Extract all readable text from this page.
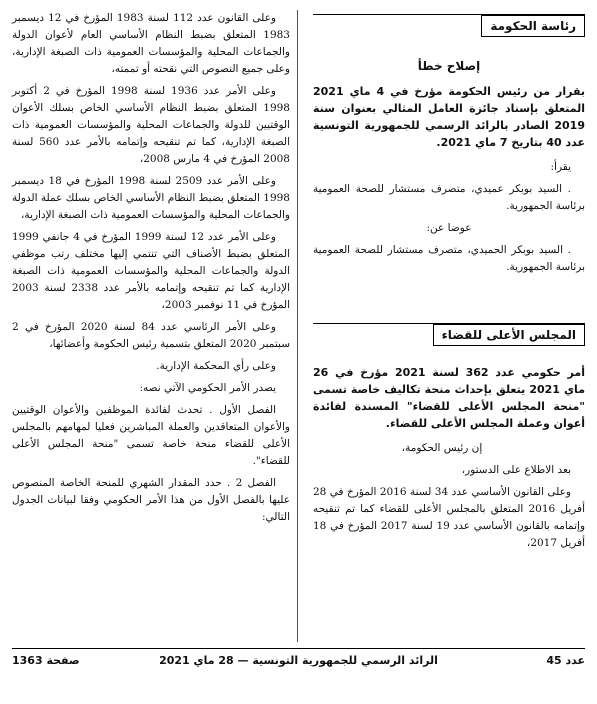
رئاسة الحكومة
إصلاح خطأ

بقرار من رئيس الحكومة مؤرخ في 4 ماي 2021 المتعلق بإسناد جائزة العامل المثالي بعنوان سنة 2019 الصادر بالرائد الرسمي للجمهورية التونسية عدد 40 بتاريخ 7 ماي 2021.

يقرأ:

. السيد بوبكر عميدي، متصرف مستشار للصحة العمومية برئاسة الجمهورية.

عوضا عن:

. السيد بوبكر الحميدي، متصرف مستشار للصحة العمومية برئاسة الجمهورية.

المجلس الأعلى للقضاء

أمر حكومي عدد 362 لسنة 2021 مؤرخ في 26 ماي 2021 يتعلق بإحداث منحة تكاليف خاصة تسمى "منحة المجلس الأعلى للقضاء" المسندة لفائدة أعوان وعملة المجلس الأعلى للقضاء.

إن رئيس الحكومة،

بعد الاطلاع على الدستور،

وعلى القانون الأساسي عدد 34 لسنة 2016 المؤرخ في 28 أفريل 2016 المتعلق بالمجلس الأعلى للقضاء كما تم تنقيحه وإتمامه بالقانون الأساسي عدد 19 لسنة 2017 المؤرخ في 18 أفريل 2017،

وعلى القانون عدد 112 لسنة 1983 المؤرخ في 12 ديسمبر 1983 المتعلق بضبط النظام الأساسي العام لأعوان الدولة والجماعات المحلية والمؤسسات العمومية ذات الصبغة الإدارية، وعلى جميع النصوص التي نقحته أو تممته،

وعلى الأمر عدد 1936 لسنة 1998 المؤرخ في 2 أكتوبر 1998 المتعلق بضبط النظام الأساسي الخاص بسلك الأعوان الوقتيين للدولة والجماعات المحلية والمؤسسات العمومية ذات الصبغة الإدارية، كما تم تنقيحه وإتمامه بالأمر عدد 560 لسنة 2008 المؤرخ في 4 مارس 2008،

وعلى الأمر عدد 2509 لسنة 1998 المؤرخ في 18 ديسمبر 1998 المتعلق بضبط النظام الأساسي الخاص بسلك عملة الدولة والجماعات المحلية والمؤسسات العمومية ذات الصبغة الإدارية،

وعلى الأمر عدد 12 لسنة 1999 المؤرخ في 4 جانفي 1999 المتعلق بضبط الأصناف التي تنتمي إليها مختلف رتب موظفي الدولة والجماعات المحلية والمؤسسات العمومية ذات الصبغة الإدارية كما تم تنقيحه وإتمامه بالأمر عدد 2338 لسنة 2003 المؤرخ في 11 نوفمبر 2003،

وعلى الأمر الرئاسي عدد 84 لسنة 2020 المؤرخ في 2 سبتمبر 2020 المتعلق بتسمية رئيس الحكومة وأعضائها،

وعلى رأي المحكمة الإدارية.

يصدر الأمر الحكومي الآتي نصه:

الفصل الأول . تحدث لفائدة الموظفين والأعوان الوقتيين والأعوان المتعاقدين والعملة المباشرين فعليا لمهامهم بالمجلس الأعلى للقضاء منحة خاصة تسمى "منحة المجلس الأعلى للقضاء".

الفصل 2 . حدد المقدار الشهري للمنحة الخاصة المنصوص عليها بالفصل الأول من هذا الأمر الحكومي وفقا لبيانات الجدول التالي:

عدد 45
الرائد الرسمي للجمهورية التونسية — 28 ماي 2021
صفحة 1363
